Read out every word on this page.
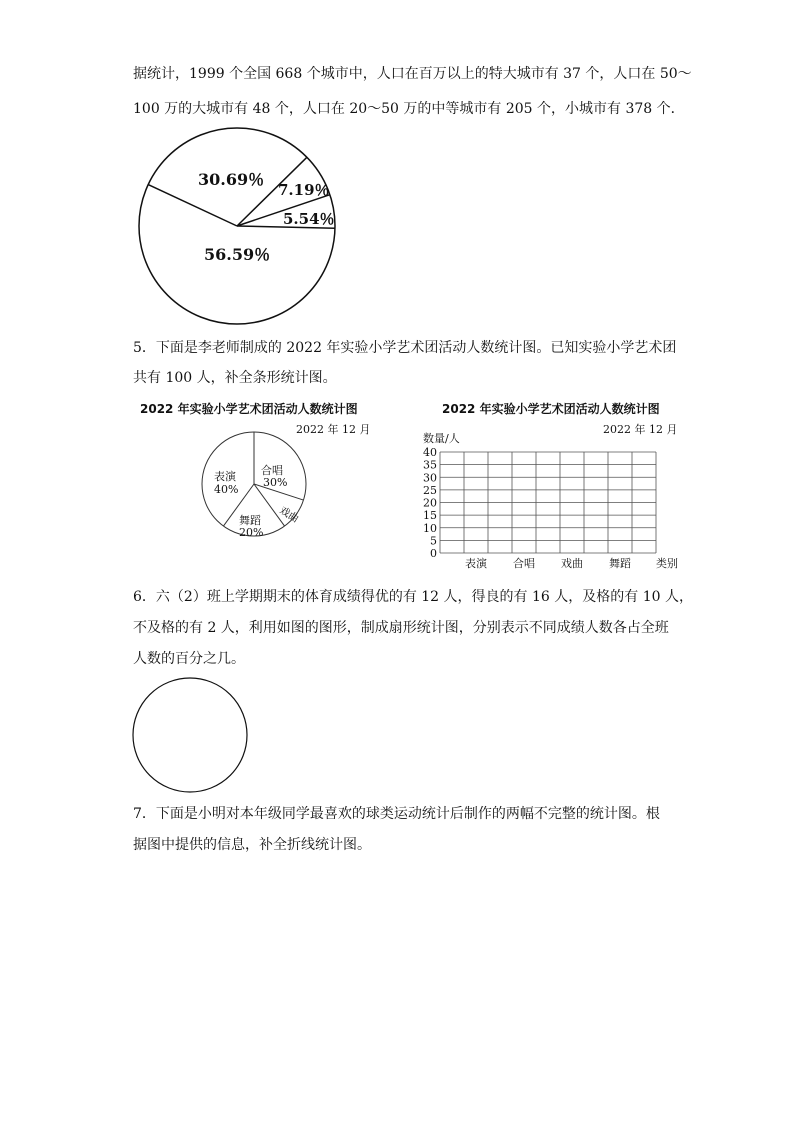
据统计，1999 个全国 668 个城市中，人口在百万以上的特大城市有 37 个，人口在 50～
100 万的大城市有 48 个，人口在 20～50 万的中等城市有 205 个，小城市有 378 个．
30.69％
7.19％
5.54％
56.59％
5．下面是李老师制成的 2022 年实验小学艺术团活动人数统计图。已知实验小学艺术团
共有 100 人，补全条形统计图。
2022 年实验小学艺术团活动人数统计图
2022 年 12 月
合唱
30%
戏曲
舞蹈
20%
表演
40%
2022 年实验小学艺术团活动人数统计图
2022 年 12 月
数量/人
0
5
10
15
20
25
30
35
40
表演 合唱 戏曲 舞蹈 类别
6．六（2）班上学期期末的体育成绩得优的有 12 人，得良的有 16 人，及格的有 10 人，
不及格的有 2 人，利用如图的图形，制成扇形统计图，分别表示不同成绩人数各占全班
人数的百分之几。
7．下面是小明对本年级同学最喜欢的球类运动统计后制作的两幅不完整的统计图。根
据图中提供的信息，补全折线统计图。
